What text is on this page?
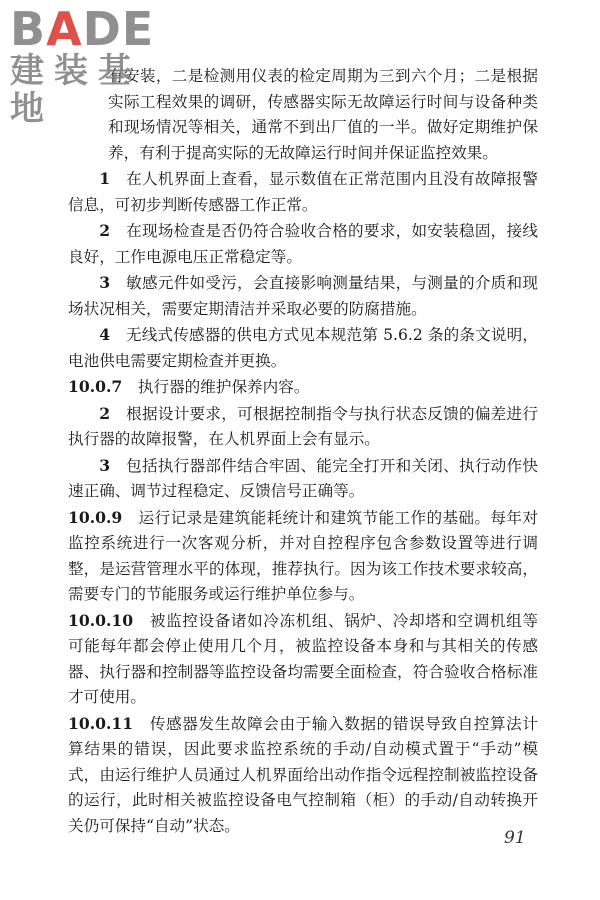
BADE
建装基地

有安装，二是检测用仪表的检定周期为三到六个月；二是根据实际工程效果的调研，传感器实际无故障运行时间与设备种类和现场情况等相关，通常不到出厂值的一半。做好定期维护保养，有利于提高实际的无故障运行时间并保证监控效果。

1　 在人机界面上查看，显示数值在正常范围内且没有故障报警信息，可初步判断传感器工作正常。

2　 在现场检查是否仍符合验收合格的要求，如安装稳固，接线良好，工作电源电压正常稳定等。

3　 敏感元件如受污，会直接影响测量结果，与测量的介质和现场状况相关，需要定期清洁并采取必要的防腐措施。

4　 无线式传感器的供电方式见本规范第 5.6.2 条的条文说明，电池供电需要定期检查并更换。

10.0.7　 执行器的维护保养内容。

2　 根据设计要求，可根据控制指令与执行状态反馈的偏差进行执行器的故障报警，在人机界面上会有显示。

3　 包括执行器部件结合牢固、能完全打开和关闭、执行动作快速正确、调节过程稳定、反馈信号正确等。

10.0.9　 运行记录是建筑能耗统计和建筑节能工作的基础。每年对监控系统进行一次客观分析，并对自控程序包含参数设置等进行调整，是运营管理水平的体现，推荐执行。因为该工作技术要求较高，需要专门的节能服务或运行维护单位参与。

10.0.10　 被监控设备诸如冷冻机组、锅炉、冷却塔和空调机组等可能每年都会停止使用几个月，被监控设备本身和与其相关的传感器、执行器和控制器等监控设备均需要全面检查，符合验收合格标准才可使用。

10.0.11　 传感器发生故障会由于输入数据的错误导致自控算法计算结果的错误，因此要求监控系统的手动/自动模式置于“手动”模式，由运行维护人员通过人机界面给出动作指令远程控制被监控设备的运行，此时相关被监控设备电气控制箱（柜）的手动/自动转换开关仍可保持“自动”状态。

91
